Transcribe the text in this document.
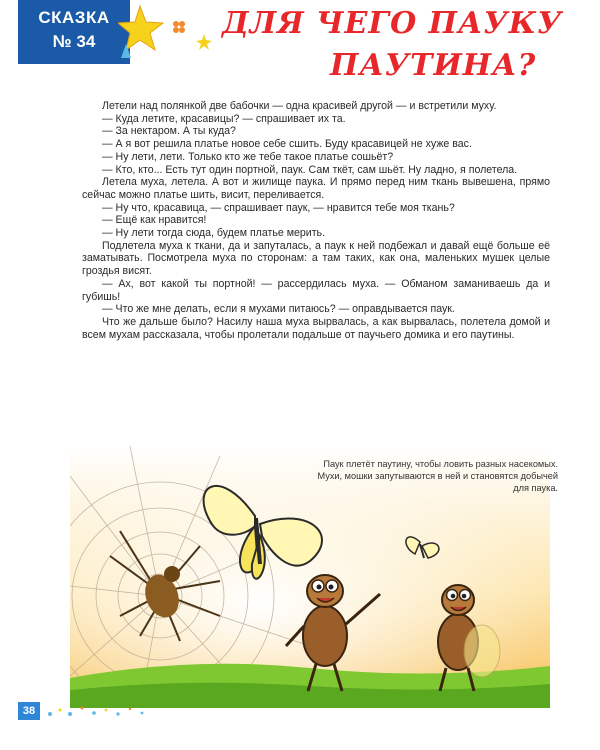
СКАЗКА
№ 34
ДЛЯ ЧЕГО ПАУКУ
ПАУТИНА?

Летели над полянкой две бабочки — одна красивей другой — и встретили муху.

— Куда летите, красавицы? — спрашивает их та.

— За нектаром. А ты куда?

— А я вот решила платье новое себе сшить. Буду красавицей не хуже вас.

— Ну лети, лети. Только кто же тебе такое платье сошьёт?

— Кто, кто... Есть тут один портной, паук. Сам ткёт, сам шьёт. Ну ладно, я полетела.

Летела муха, летела. А вот и жилище паука. И прямо перед ним ткань вывешена, прямо сейчас можно платье шить, висит, переливается.

— Ну что, красавица, — спрашивает паук, — нравится тебе моя ткань?

— Ещё как нравится!

— Ну лети тогда сюда, будем платье мерить.

Подлетела муха к ткани, да и запуталась, а паук к ней подбежал и давай ещё больше её заматывать. Посмотрела муха по сторонам: а там таких, как она, маленьких мушек целые гроздья висят.

— Ах, вот какой ты портной! — рассердилась муха. — Обманом заманиваешь да и губишь!

— Что же мне делать, если я мухами питаюсь? — оправдывается паук.

Что же дальше было? Насилу наша муха вырвалась, а как вырвалась, полетела домой и всем мухам рассказала, чтобы пролетали подальше от паучьего домика и его паутины.

Паук плетёт паутину, чтобы ловить разных насекомых. Мухи, мошки запутываются в ней и становятся добычей для паука.
38
